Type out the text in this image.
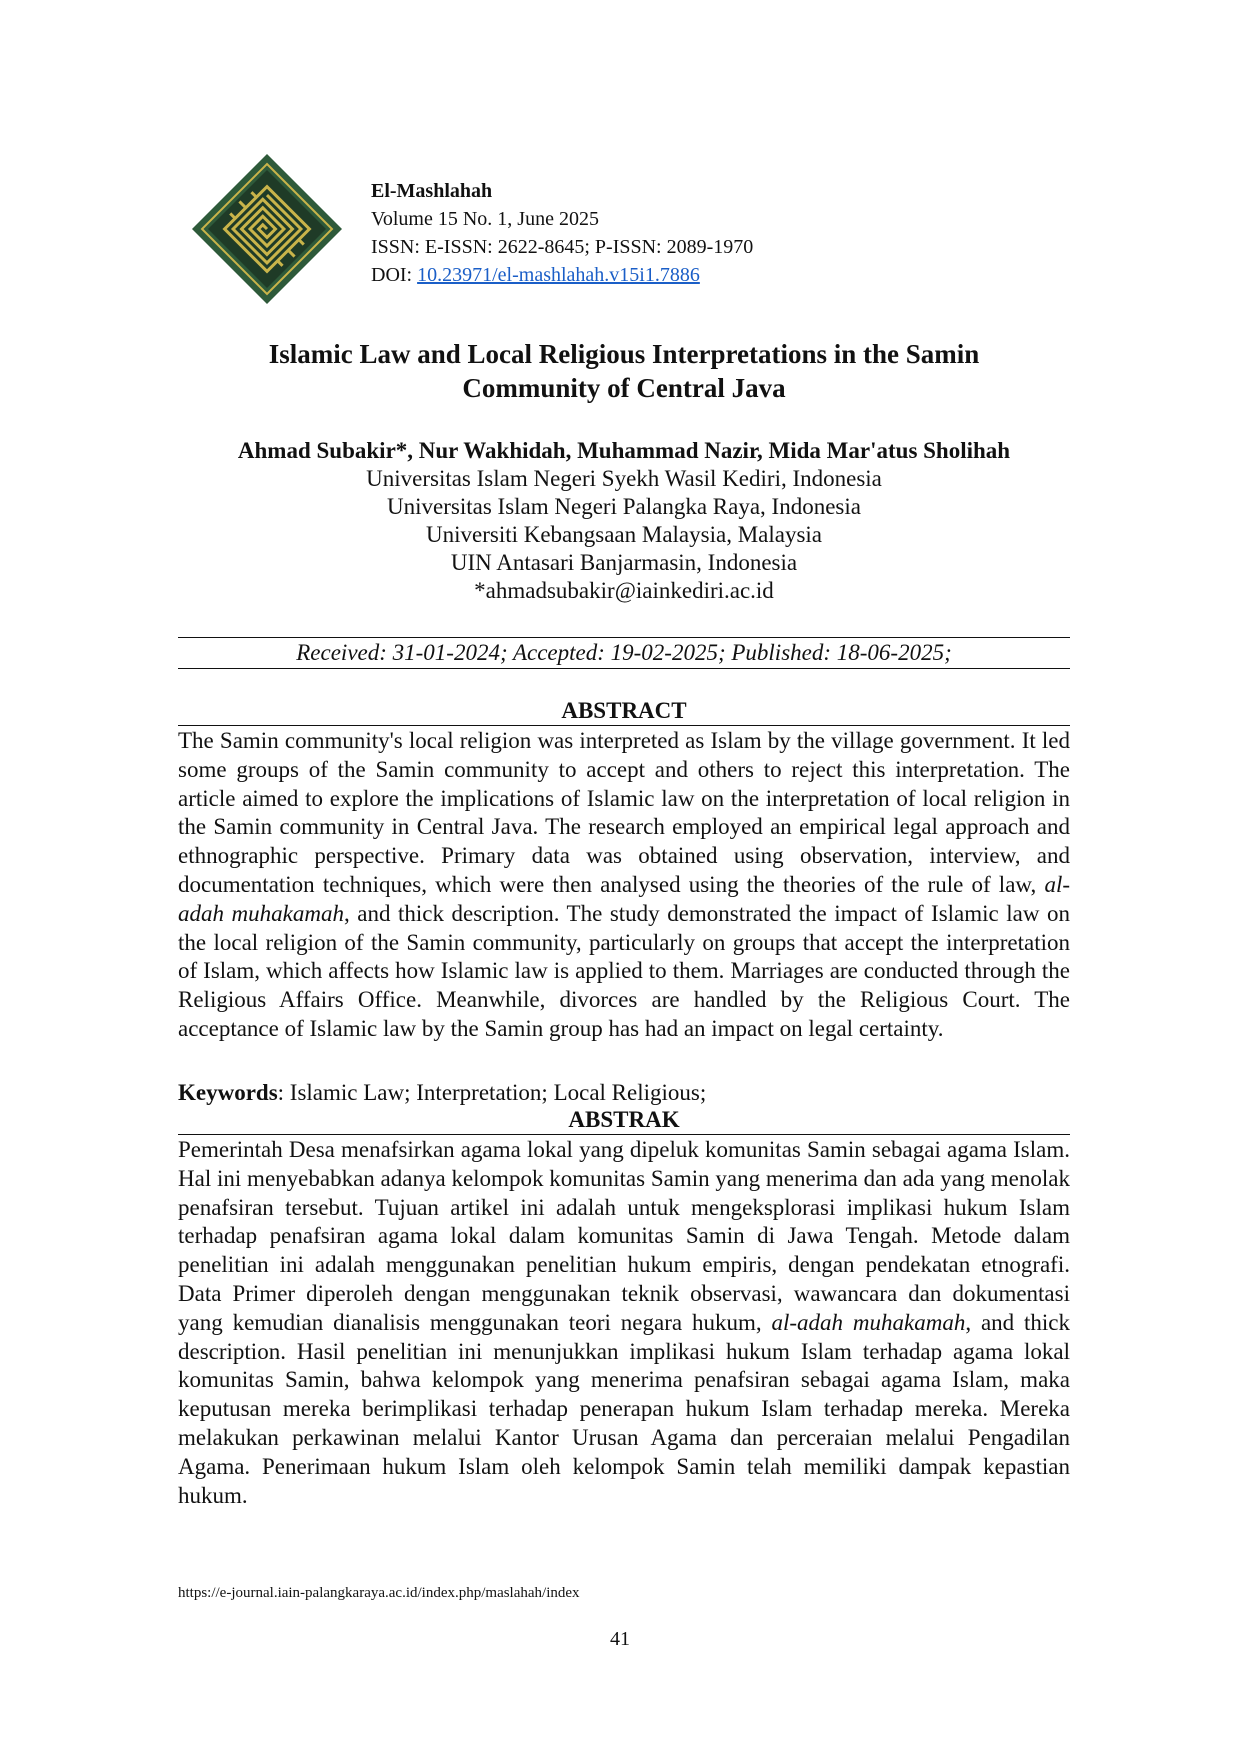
El-Mashlahah
Volume 15 No. 1, June 2025
ISSN: E-ISSN: 2622-8645; P-ISSN: 2089-1970
DOI: 10.23971/el-mashlahah.v15i1.7886
Islamic Law and Local Religious Interpretations in the Samin
Community of Central Java
Ahmad Subakir*, Nur Wakhidah, Muhammad Nazir, Mida Mar'atus Sholihah
Universitas Islam Negeri Syekh Wasil Kediri, Indonesia
Universitas Islam Negeri Palangka Raya, Indonesia
Universiti Kebangsaan Malaysia, Malaysia
UIN Antasari Banjarmasin, Indonesia
*ahmadsubakir@iainkediri.ac.id
Received: 31-01-2024; Accepted: 19-02-2025; Published: 18-06-2025;
ABSTRACT

The Samin community's local religion was interpreted as Islam by the village government. It led some groups of the Samin community to accept and others to reject this interpretation. The article aimed to explore the implications of Islamic law on the interpretation of local religion in the Samin community in Central Java. The research employed an empirical legal approach and ethnographic perspective. Primary data was obtained using observation, interview, and documentation techniques, which were then analysed using the theories of the rule of law, al-adah muhakamah, and thick description. The study demonstrated the impact of Islamic law on the local religion of the Samin community, particularly on groups that accept the interpretation of Islam, which affects how Islamic law is applied to them. Marriages are conducted through the Religious Affairs Office. Meanwhile, divorces are handled by the Religious Court. The acceptance of Islamic law by the Samin group has had an impact on legal certainty.

Keywords: Islamic Law; Interpretation; Local Religious;
ABSTRAK

Pemerintah Desa menafsirkan agama lokal yang dipeluk komunitas Samin sebagai agama Islam. Hal ini menyebabkan adanya kelompok komunitas Samin yang menerima dan ada yang menolak penafsiran tersebut. Tujuan artikel ini adalah untuk mengeksplorasi implikasi hukum Islam terhadap penafsiran agama lokal dalam komunitas Samin di Jawa Tengah. Metode dalam penelitian ini adalah menggunakan penelitian hukum empiris, dengan pendekatan etnografi. Data Primer diperoleh dengan menggunakan teknik observasi, wawancara dan dokumentasi yang kemudian dianalisis menggunakan teori negara hukum, al-adah muhakamah, and thick description. Hasil penelitian ini menunjukkan implikasi hukum Islam terhadap agama lokal komunitas Samin, bahwa kelompok yang menerima penafsiran sebagai agama Islam, maka keputusan mereka berimplikasi terhadap penerapan hukum Islam terhadap mereka. Mereka melakukan perkawinan melalui Kantor Urusan Agama dan perceraian melalui Pengadilan Agama. Penerimaan hukum Islam oleh kelompok Samin telah memiliki dampak kepastian hukum.

https://e-journal.iain-palangkaraya.ac.id/index.php/maslahah/index
41
